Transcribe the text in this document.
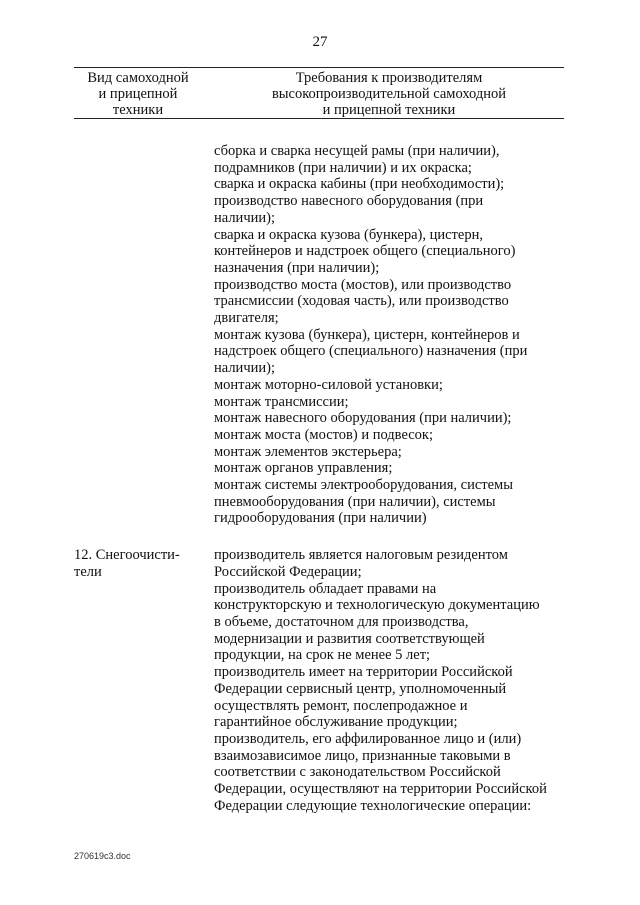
27
Вид самоходной
и прицепной
техники
Требования к производителям
высокопроизводительной самоходной
и прицепной техники
сборка и сварка несущей рамы (при наличии),
подрамников (при наличии) и их окраска;
сварка и окраска кабины (при необходимости);
производство навесного оборудования (при
наличии);
сварка и окраска кузова (бункера), цистерн,
контейнеров и надстроек общего (специального)
назначения (при наличии);
производство моста (мостов), или производство
трансмиссии (ходовая часть), или производство
двигателя;
монтаж кузова (бункера), цистерн, контейнеров и
надстроек общего (специального) назначения (при
наличии);
монтаж моторно-силовой установки;
монтаж трансмиссии;
монтаж навесного оборудования (при наличии);
монтаж моста (мостов) и подвесок;
монтаж элементов экстерьера;
монтаж органов управления;
монтаж системы электрооборудования, системы
пневмооборудования (при наличии), системы
гидрооборудования (при наличии)
12. Снегоочисти-
тели
производитель является налоговым резидентом
Российской Федерации;
производитель обладает правами на
конструкторскую и технологическую документацию
в объеме, достаточном для производства,
модернизации и развития соответствующей
продукции, на срок не менее 5 лет;
производитель имеет на территории Российской
Федерации сервисный центр, уполномоченный
осуществлять ремонт, послепродажное и
гарантийное обслуживание продукции;
производитель, его аффилированное лицо и (или)
взаимозависимое лицо, признанные таковыми в
соответствии с законодательством Российской
Федерации, осуществляют на территории Российской
Федерации следующие технологические операции:
270619c3.doc
